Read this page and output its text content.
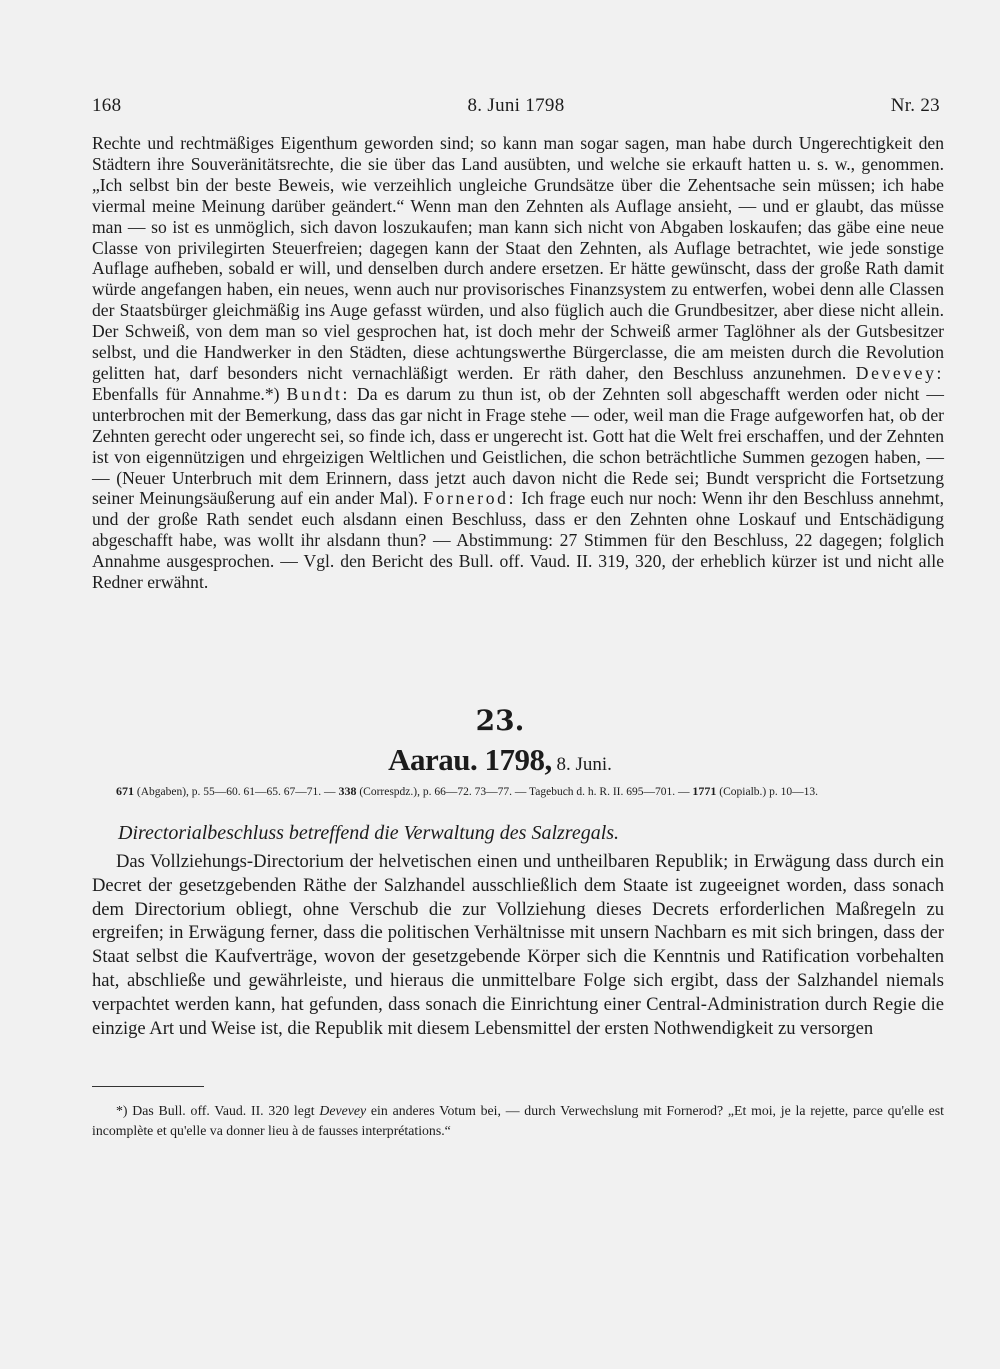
168	8. Juni 1798	Nr. 23

Rechte und rechtmäßiges Eigenthum geworden sind; so kann man sogar sagen, man habe durch Ungerechtigkeit den Städtern ihre Souveränitätsrechte, die sie über das Land ausübten, und welche sie erkauft hatten u. s. w., genommen. „Ich selbst bin der beste Beweis, wie verzeihlich ungleiche Grundsätze über die Zehentsache sein müssen; ich habe viermal meine Meinung darüber geändert.“ Wenn man den Zehnten als Auflage ansieht, — und er glaubt, das müsse man — so ist es unmöglich, sich davon loszukaufen; man kann sich nicht von Abgaben loskaufen; das gäbe eine neue Classe von privilegirten Steuerfreien; dagegen kann der Staat den Zehnten, als Auflage betrachtet, wie jede sonstige Auflage aufheben, sobald er will, und denselben durch andere ersetzen. Er hätte gewünscht, dass der große Rath damit würde angefangen haben, ein neues, wenn auch nur provisorisches Finanzsystem zu entwerfen, wobei denn alle Classen der Staatsbürger gleichmäßig ins Auge gefasst würden, und also füglich auch die Grundbesitzer, aber diese nicht allein. Der Schweiß, von dem man so viel gesprochen hat, ist doch mehr der Schweiß armer Taglöhner als der Gutsbesitzer selbst, und die Handwerker in den Städten, diese achtungswerthe Bürgerclasse, die am meisten durch die Revolution gelitten hat, darf besonders nicht vernachläßigt werden. Er räth daher, den Beschluss anzunehmen. Devevey: Ebenfalls für Annahme.*) Bundt: Da es darum zu thun ist, ob der Zehnten soll abgeschafft werden oder nicht — unterbrochen mit der Bemerkung, dass das gar nicht in Frage stehe — oder, weil man die Frage aufgeworfen hat, ob der Zehnten gerecht oder ungerecht sei, so finde ich, dass er ungerecht ist. Gott hat die Welt frei erschaffen, und der Zehnten ist von eigennützigen und ehrgeizigen Weltlichen und Geistlichen, die schon beträchtliche Summen gezogen haben, — — (Neuer Unterbruch mit dem Erinnern, dass jetzt auch davon nicht die Rede sei; Bundt verspricht die Fortsetzung seiner Meinungsäußerung auf ein ander Mal). Fornerod: Ich frage euch nur noch: Wenn ihr den Beschluss annehmt, und der große Rath sendet euch alsdann einen Beschluss, dass er den Zehnten ohne Loskauf und Entschädigung abgeschafft habe, was wollt ihr alsdann thun? — Abstimmung: 27 Stimmen für den Beschluss, 22 dagegen; folglich Annahme ausgesprochen. — Vgl. den Bericht des Bull. off. Vaud. II. 319, 320, der erheblich kürzer ist und nicht alle Redner erwähnt.

23.
Aarau. 1798, 8. Juni.
671 (Abgaben), p. 55—60. 61—65. 67—71. — 338 (Correspdz.), p. 66—72. 73—77. — Tagebuch d. h. R. II. 695—701. — 1771 (Copialb.) p. 10—13.
Directorialbeschluss betreffend die Verwaltung des Salzregals.

Das Vollziehungs-Directorium der helvetischen einen und untheilbaren Republik; in Erwägung dass durch ein Decret der gesetzgebenden Räthe der Salzhandel ausschließlich dem Staate ist zugeeignet worden, dass sonach dem Directorium obliegt, ohne Verschub die zur Vollziehung dieses Decrets erforderlichen Maßregeln zu ergreifen; in Erwägung ferner, dass die politischen Verhältnisse mit unsern Nachbarn es mit sich bringen, dass der Staat selbst die Kaufverträge, wovon der gesetzgebende Körper sich die Kenntnis und Ratification vorbehalten hat, abschließe und gewährleiste, und hieraus die unmittelbare Folge sich ergibt, dass der Salzhandel niemals verpachtet werden kann, hat gefunden, dass sonach die Einrichtung einer Central-Administration durch Regie die einzige Art und Weise ist, die Republik mit diesem Lebensmittel der ersten Nothwendigkeit zu versorgen

*) Das Bull. off. Vaud. II. 320 legt Devevey ein anderes Votum bei, — durch Verwechslung mit Fornerod? „Et moi, je la rejette, parce qu'elle est incomplète et qu'elle va donner lieu à de fausses interprétations.“
